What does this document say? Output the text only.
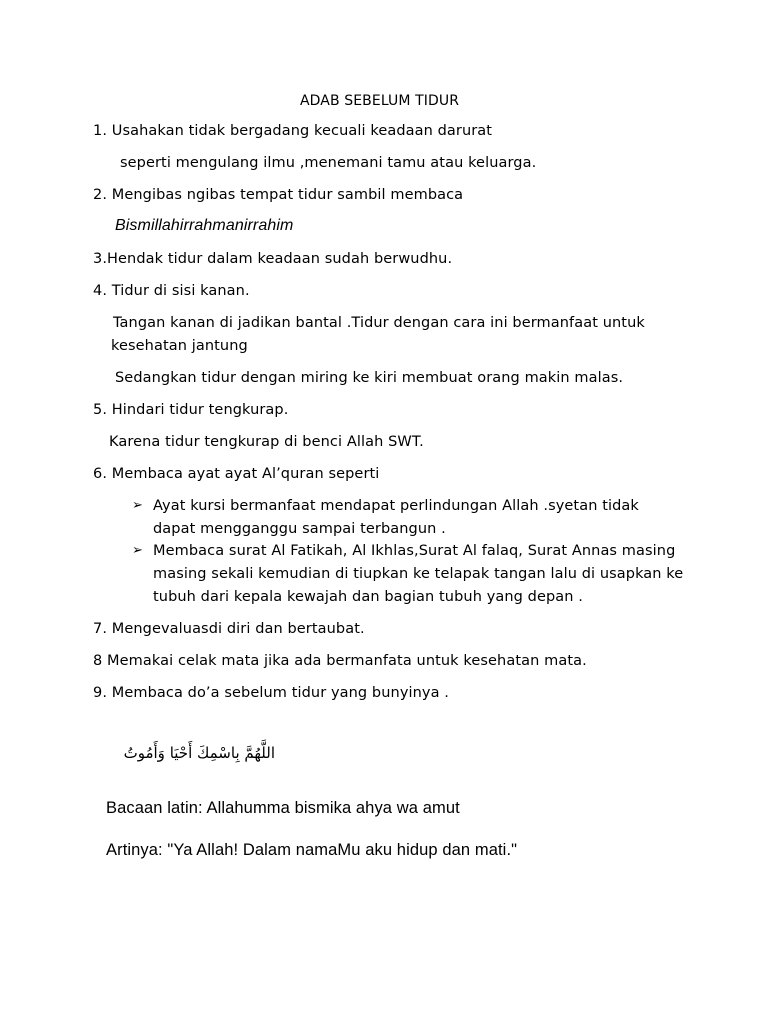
ADAB SEBELUM TIDUR
1. Usahakan tidak bergadang kecuali keadaan darurat
seperti mengulang ilmu ,menemani tamu atau keluarga.
2. Mengibas ngibas tempat tidur sambil membaca
Bismillahirrahmanirrahim
3.Hendak tidur dalam keadaan sudah berwudhu.
4. Tidur di sisi kanan.
Tangan kanan di jadikan bantal .Tidur dengan cara ini bermanfaat untuk
kesehatan jantung
Sedangkan tidur dengan miring ke kiri membuat orang makin malas.
5. Hindari tidur tengkurap.
Karena tidur tengkurap di benci Allah SWT.
6. Membaca ayat ayat Al’quran seperti
➢ Ayat kursi bermanfaat mendapat perlindungan Allah .syetan tidak
dapat mengganggu sampai terbangun .
➢ Membaca surat Al Fatikah, Al Ikhlas,Surat Al falaq, Surat Annas masing
masing sekali kemudian di tiupkan ke telapak tangan lalu di usapkan ke
tubuh dari kepala kewajah dan bagian tubuh yang depan .
7. Mengevaluasdi diri dan bertaubat.
8 Memakai celak mata jika ada bermanfata untuk kesehatan mata.
9. Membaca do’a sebelum tidur yang bunyinya .
اللَّهُمَّ بِاسْمِكَ أَحْيَا وَأَمُوتُ
Bacaan latin: Allahumma bismika ahya wa amut
Artinya: "Ya Allah! Dalam namaMu aku hidup dan mati."
